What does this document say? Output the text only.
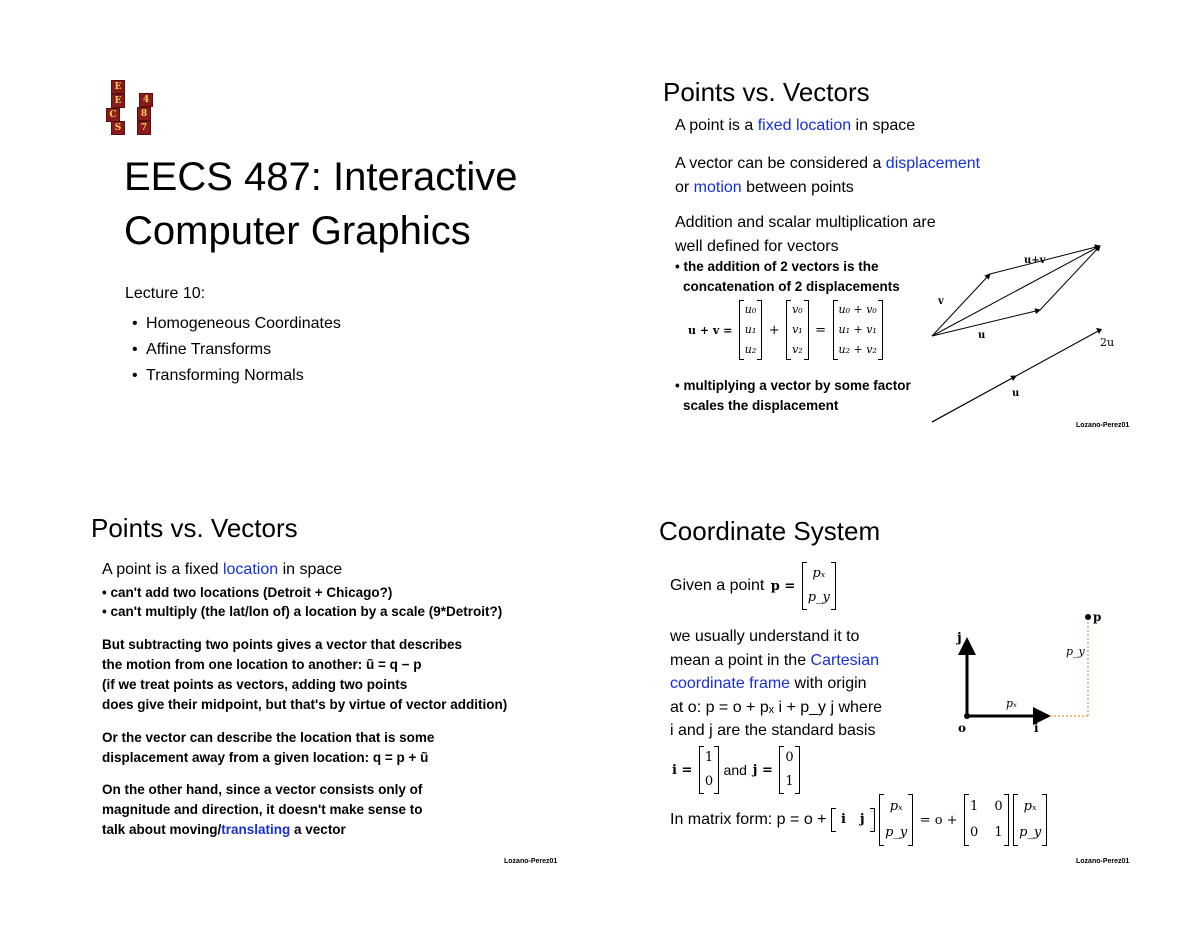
E
E
C
S
4
8
7
EECS 487: Interactive
Computer Graphics
Lecture 10:
• Homogeneous Coordinates
• Affine Transforms
• Transforming Normals
Points vs. Vectors
A point is a fixed location in space
A vector can be considered a displacement
or motion between points
Addition and scalar multiplication are
well defined for vectors
• the addition of 2 vectors is the
concatenation of 2 displacements
u + v =
u₀
u₁
u₂
+
v₀
v₁
v₂
=
u₀ + v₀
u₁ + v₁
u₂ + v₂
• multiplying a vector by some factor
scales the displacement
u+v
v
u
2u
u
Lozano-Perez01
Points vs. Vectors
A point is a fixed location in space
• can't add two locations (Detroit + Chicago?)
• can't multiply (the lat/lon of) a location by a scale (9*Detroit?)
But subtracting two points gives a vector that describes
the motion from one location to another: ũ = q − p
(if we treat points as vectors, adding two points
does give their midpoint, but that's by virtue of vector addition)
Or the vector can describe the location that is some
displacement away from a given location: q = p + ũ
On the other hand, since a vector consists only of
magnitude and direction, it doesn't make sense to
talk about moving/translating a vector
Lozano-Perez01
Coordinate System
Given a point p =
pₓ
p_y
we usually understand it to
mean a point in the Cartesian
coordinate frame with origin
at o: p = o + pₓ i + p_y j where
i and j are the standard basis
i =
1
0
and j =
0
1
In matrix form: p = o + i j
pₓ
p_y
= o +
1 0
0 1

pₓ
p_y
p
j
o	i
pₓ
p_y
Lozano-Perez01
